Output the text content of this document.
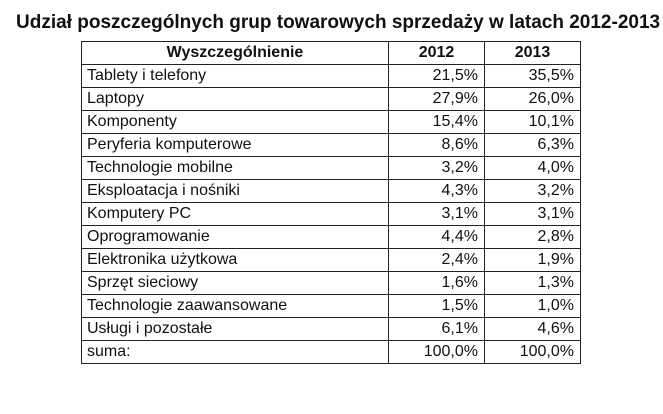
Udział poszczególnych grup towarowych sprzedaży w latach 2012-2013
Wyszczególnienie	2012	2013
Tablety i telefony	21,5%	35,5%
Laptopy	27,9%	26,0%
Komponenty	15,4%	10,1%
Peryferia komputerowe	8,6%	6,3%
Technologie mobilne	3,2%	4,0%
Eksploatacja i nośniki	4,3%	3,2%
Komputery PC	3,1%	3,1%
Oprogramowanie	4,4%	2,8%
Elektronika użytkowa	2,4%	1,9%
Sprzęt sieciowy	1,6%	1,3%
Technologie zaawansowane	1,5%	1,0%
Usługi i pozostałe	6,1%	4,6%
suma:	100,0%	100,0%
